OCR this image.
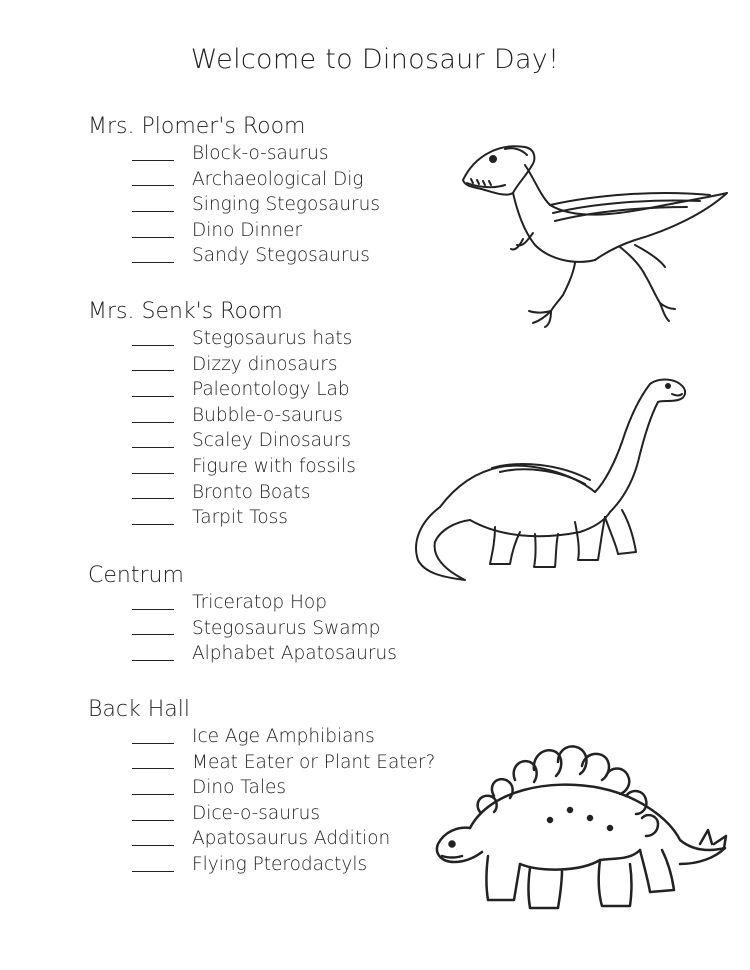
Welcome to Dinosaur Day!
Mrs. Plomer's Room
Block-o-saurus
Archaeological Dig
Singing Stegosaurus
Dino Dinner
Sandy Stegosaurus
Mrs. Senk's Room
Stegosaurus hats
Dizzy dinosaurs
Paleontology Lab
Bubble-o-saurus
Scaley Dinosaurs
Figure with fossils
Bronto Boats
Tarpit Toss
Centrum
Triceratop Hop
Stegosaurus Swamp
Alphabet Apatosaurus
Back Hall
Ice Age Amphibians
Meat Eater or Plant Eater?
Dino Tales
Dice-o-saurus
Apatosaurus Addition
Flying Pterodactyls
